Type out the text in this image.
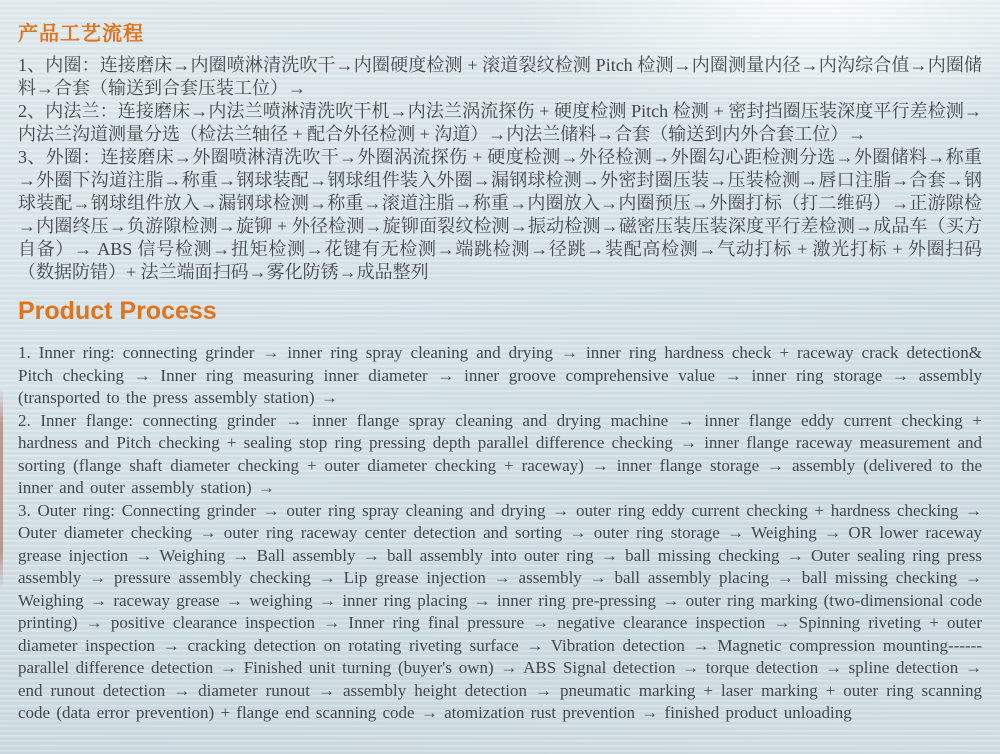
产品工艺流程

1、内圈：连接磨床→内圈喷淋清洗吹干→内圈硬度检测 + 滚道裂纹检测 Pitch 检测→内圈测量内径→内沟综合值→内圈储料→合套（输送到合套压装工位）→

2、内法兰：连接磨床→内法兰喷淋清洗吹干机→内法兰涡流探伤 + 硬度检测 Pitch 检测 + 密封挡圈压装深度平行差检测→内法兰沟道测量分选（检法兰轴径 + 配合外径检测 + 沟道）→内法兰储料→合套（输送到内外合套工位）→

3、外圈：连接磨床→外圈喷淋清洗吹干→外圈涡流探伤 + 硬度检测→外径检测→外圈勾心距检测分选→外圈储料→称重→外圈下沟道注脂→称重→钢球装配→钢球组件装入外圈→漏钢球检测→外密封圈压装→压装检测→唇口注脂→合套→钢球装配→钢球组件放入→漏钢球检测→称重→滚道注脂→称重→内圈放入→内圈预压→外圈打标（打二维码）→正游隙检→内圈终压→负游隙检测→旋铆 + 外径检测→旋铆面裂纹检测→振动检测→磁密压装压装深度平行差检测→成品车（买方自备）→ ABS 信号检测→扭矩检测→花键有无检测→端跳检测→径跳→装配高检测→气动打标 + 激光打标 + 外圈扫码（数据防错）+ 法兰端面扫码→雾化防锈→成品整列

Product Process

1. Inner ring: connecting grinder → inner ring spray cleaning and drying → inner ring hardness check + raceway crack detection& Pitch checking → Inner ring measuring inner diameter → inner groove comprehensive value → inner ring storage → assembly (transported to the press assembly station) →

2. Inner flange: connecting grinder → inner flange spray cleaning and drying machine → inner flange eddy current checking + hardness and Pitch checking + sealing stop ring pressing depth parallel difference checking → inner flange raceway measurement and sorting (flange shaft diameter checking + outer diameter checking + raceway) → inner flange storage → assembly (delivered to the inner and outer assembly station) →

3. Outer ring: Connecting grinder → outer ring spray cleaning and drying → outer ring eddy current checking + hardness checking → Outer diameter checking → outer ring raceway center detection and sorting → outer ring storage → Weighing → OR lower raceway grease injection → Weighing → Ball assembly → ball assembly into outer ring → ball missing checking → Outer sealing ring press assembly → pressure assembly checking → Lip grease injection → assembly → ball assembly placing → ball missing checking → Weighing → raceway grease → weighing → inner ring placing → inner ring pre-pressing → outer ring marking (two-dimensional code printing) → positive clearance inspection → Inner ring final pressure → negative clearance inspection → Spinning riveting + outer diameter inspection → cracking detection on rotating riveting surface → Vibration detection → Magnetic compression mounting------ parallel difference detection → Finished unit turning (buyer's own) → ABS Signal detection → torque detection → spline detection → end runout detection → diameter runout → assembly height detection → pneumatic marking + laser marking + outer ring scanning code (data error prevention) + flange end scanning code → atomization rust prevention → finished product unloading
